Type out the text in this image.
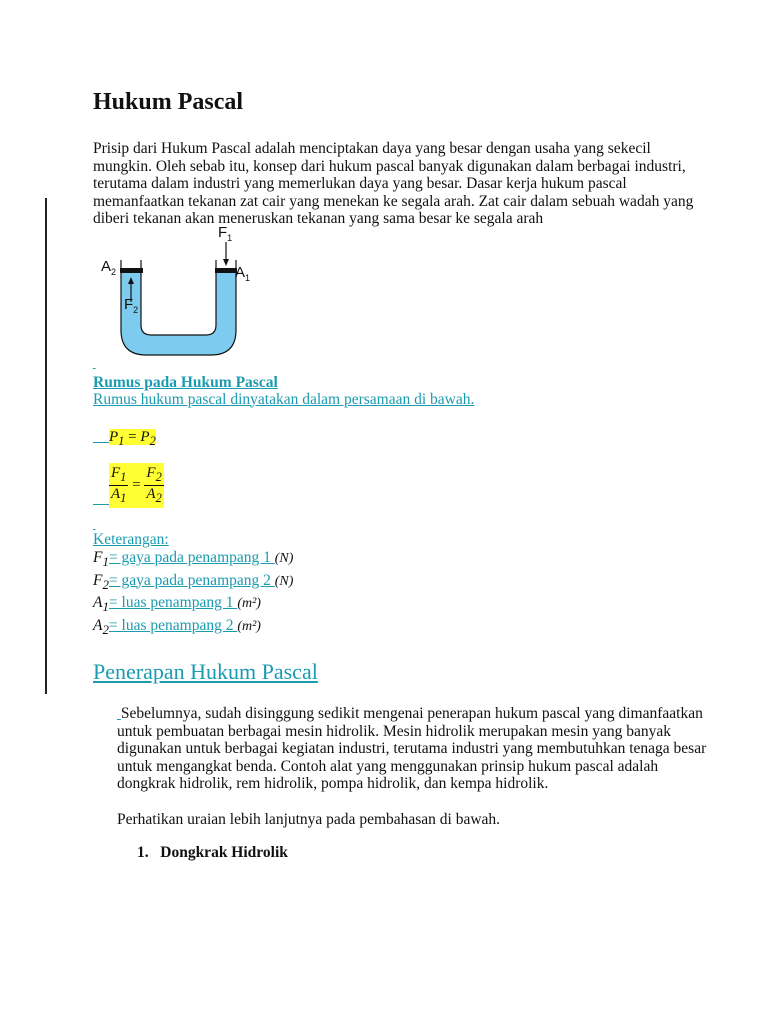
Hukum Pascal

Prisip dari Hukum Pascal adalah menciptakan daya yang besar dengan usaha yang sekecil mungkin. Oleh sebab itu, konsep dari hukum pascal banyak digunakan dalam berbagai industri, terutama dalam industri yang memerlukan daya yang besar. Dasar kerja hukum pascal memanfaatkan tekanan zat cair yang menekan ke segala arah. Zat cair dalam sebuah wadah yang diberi tekanan akan meneruskan tekanan yang sama besar ke segala arah

$F_1$
$A_2$	$A_1$
$F_2$

Rumus pada Hukum Pascal
Rumus hukum pascal dinyatakan dalam persamaan di bawah.
$P_1 = P_2$

$\frac{F_1}{A_1} = \frac{F_2}{A_2}$

Keterangan:
$F_1=$ gaya pada penampang 1 (N)
$F_2=$ gaya pada penampang 2 (N)
$A_1=$ luas penampang 1 (m²)
$A_2=$ luas penampang 2 (m²)
Penerapan Hukum Pascal

Sebelumnya, sudah disinggung sedikit mengenai penerapan hukum pascal yang dimanfaatkan untuk pembuatan berbagai mesin hidrolik. Mesin hidrolik merupakan mesin yang banyak digunakan untuk berbagai kegiatan industri, terutama industri yang membutuhkan tenaga besar untuk mengangkat benda. Contoh alat yang menggunakan prinsip hukum pascal adalah dongkrak hidrolik, rem hidrolik, pompa hidrolik, dan kempa hidrolik.

Perhatikan uraian lebih lanjutnya pada pembahasan di bawah.

1. Dongkrak Hidrolik
